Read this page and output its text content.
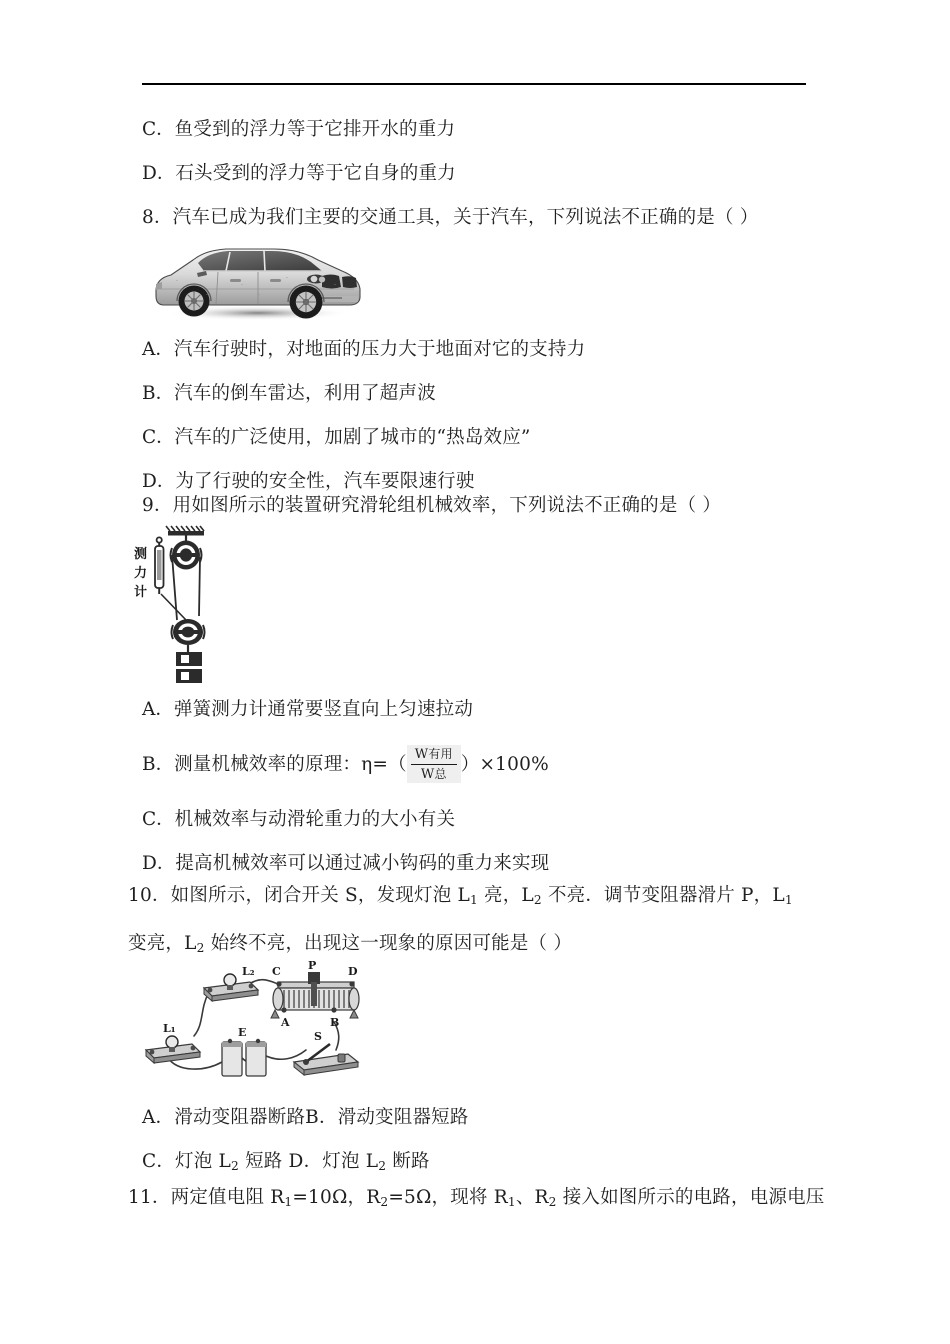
C．鱼受到的浮力等于它排开水的重力
D．石头受到的浮力等于它自身的重力
8．汽车已成为我们主要的交通工具，关于汽车，下列说法不正确的是（ ）
A．汽车行驶时，对地面的压力大于地面对它的支持力
B．汽车的倒车雷达，利用了超声波
C．汽车的广泛使用，加剧了城市的“热岛效应”
D．为了行驶的安全性，汽车要限速行驶
9．用如图所示的装置研究滑轮组机械效率，下列说法不正确的是（ ）
测
力
计
A．弹簧测力计通常要竖直向上匀速拉动
B．测量机械效率的原理：$\eta=( \frac{\text{W有用}}{\text{W总}} )\times 100\%$
C．机械效率与动滑轮重力的大小有关
D．提高机械效率可以通过减小钩码的重力来实现
10．如图所示，闭合开关 S，发现灯泡 $L_1$ 亮，$L_2$ 不亮．调节变阻器滑片 P，$L_1$
变亮，$L_2$ 始终不亮，出现这一现象的原因可能是（ ）
L₂
L₁
C P	D
A	B
E	S
A．滑动变阻器断路B．滑动变阻器短路
C．灯泡 $L_2$ 短路 D．灯泡 $L_2$ 断路
11．两定值电阻 $R_1=10\Omega$，$R_2=5\Omega$，现将 $R_1$、$R_2$ 接入如图所示的电路，电源电压
